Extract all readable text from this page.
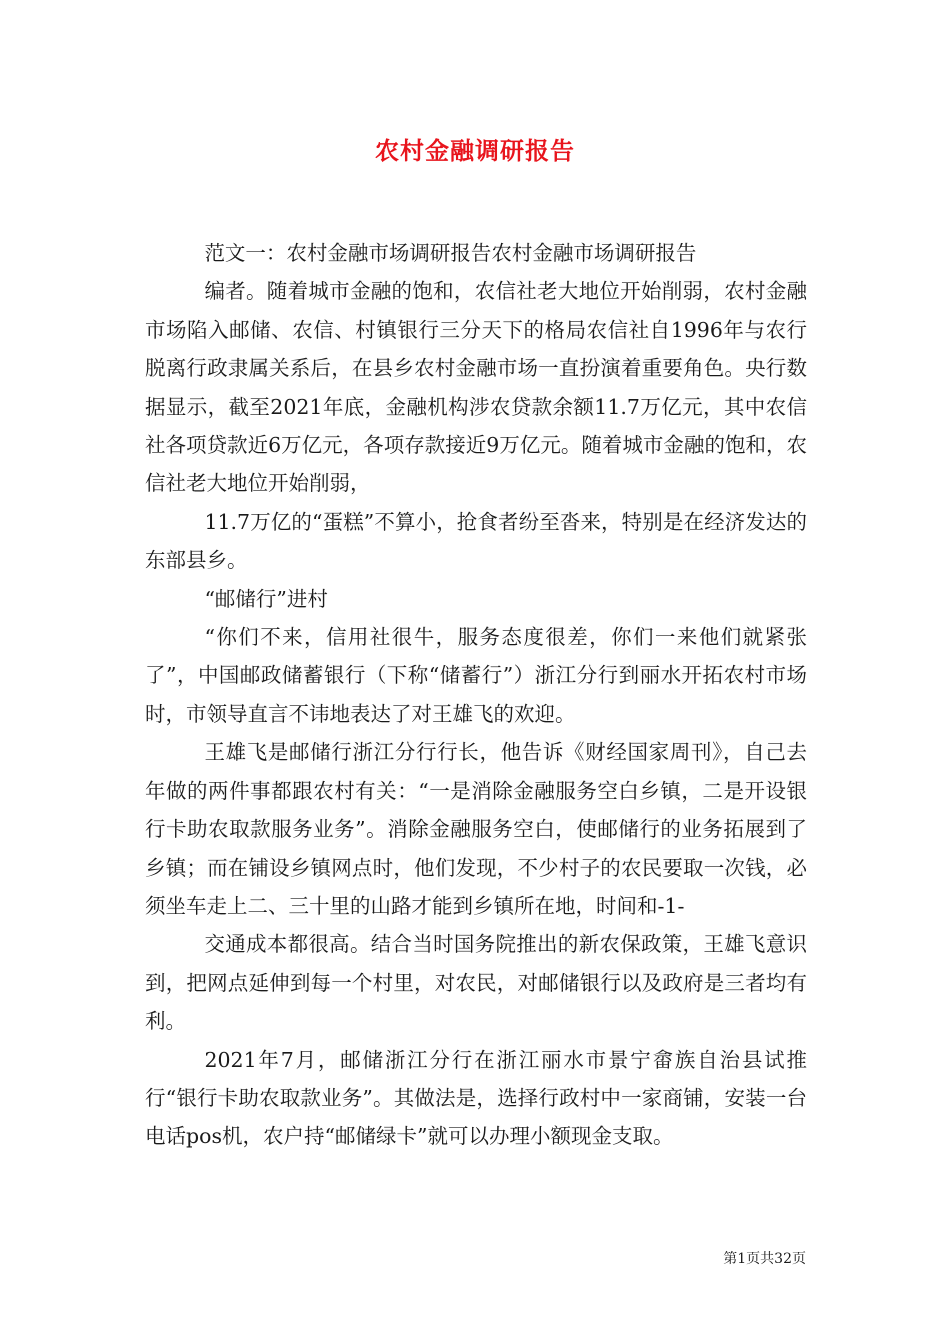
农村金融调研报告

范文一：农村金融市场调研报告农村金融市场调研报告

编者。随着城市金融的饱和，农信社老大地位开始削弱，农村金融市场陷入邮储、农信、村镇银行三分天下的格局农信社自1996年与农行脱离行政隶属关系后，在县乡农村金融市场一直扮演着重要角色。央行数据显示，截至2021年底，金融机构涉农贷款余额11.7万亿元，其中农信社各项贷款近6万亿元，各项存款接近9万亿元。随着城市金融的饱和，农信社老大地位开始削弱，

11.7万亿的“蛋糕”不算小，抢食者纷至沓来，特别是在经济发达的东部县乡。

“邮储行”进村

“你们不来，信用社很牛，服务态度很差，你们一来他们就紧张了”，中国邮政储蓄银行（下称“储蓄行”）浙江分行到丽水开拓农村市场时，市领导直言不讳地表达了对王雄飞的欢迎。

王雄飞是邮储行浙江分行行长，他告诉《财经国家周刊》，自己去年做的两件事都跟农村有关：“一是消除金融服务空白乡镇，二是开设银行卡助农取款服务业务”。消除金融服务空白，使邮储行的业务拓展到了乡镇；而在铺设乡镇网点时，他们发现，不少村子的农民要取一次钱，必须坐车走上二、三十里的山路才能到乡镇所在地，时间和-1-

交通成本都很高。结合当时国务院推出的新农保政策，王雄飞意识到，把网点延伸到每一个村里，对农民，对邮储银行以及政府是三者均有利。

2021年7月，邮储浙江分行在浙江丽水市景宁畲族自治县试推行“银行卡助农取款业务”。其做法是，选择行政村中一家商铺，安装一台电话pos机，农户持“邮储绿卡”就可以办理小额现金支取。

第1页共32页
